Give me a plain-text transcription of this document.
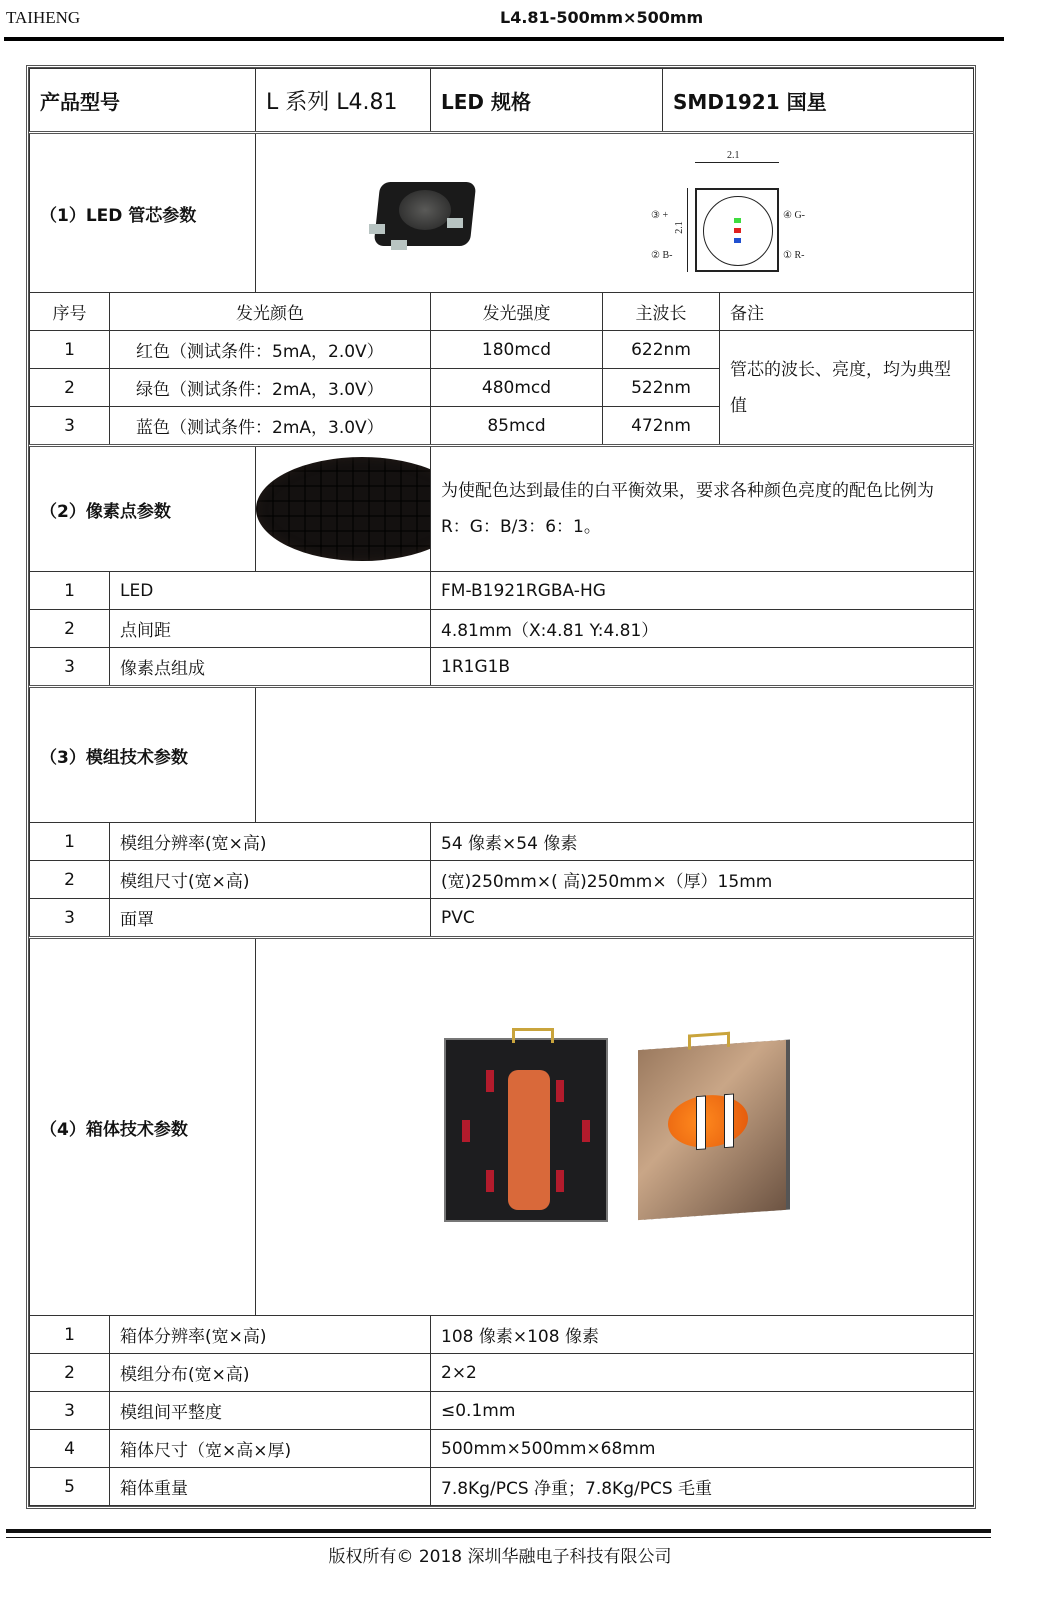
TAIHENG	L4.81-500mm×500mm
产品型号		L 系列 L4.81	LED 规格		SMD1921 国星	
（1）LED 管芯参数	
2.1
2.1
③ +
② B-
④ G-
① R-

序号	发光颜色		发光强度	主波长		备注
1	红色（测试条件：5mA，2.0V）		180mcd	622nm		管芯的波长、亮度，均为典型值
2	绿色（测试条件：2mA，3.0V）		480mcd	522nm		
3	蓝色（测试条件：2mA，3.0V）		85mcd	472nm		
（2）像素点参数			为使配色达到最佳的白平衡效果，要求各种颜色亮度的配色比例为 R：G：B/3：6：1。			
1	LED		FM-B1921RGBA-HG			
2	点间距		4.81mm（X:4.81 Y:4.81）			
3	像素点组成		1R1G1B			
（3）模组技术参数						
1	模组分辨率(宽×高)		54 像素×54 像素			
2	模组尺寸(宽×高)		(宽)250mm×( 高)250mm×（厚）15mm			
3	面罩		PVC			
（4）箱体技术参数						

1	箱体分辨率(宽×高)		108 像素×108 像素			
2	模组分布(宽×高)		2×2			
3	模组间平整度		≤0.1mm			
4	箱体尺寸（宽×高×厚)		500mm×500mm×68mm			
5	箱体重量		7.8Kg/PCS 净重；7.8Kg/PCS 毛重			
版权所有© 2018 深圳华融电子科技有限公司
